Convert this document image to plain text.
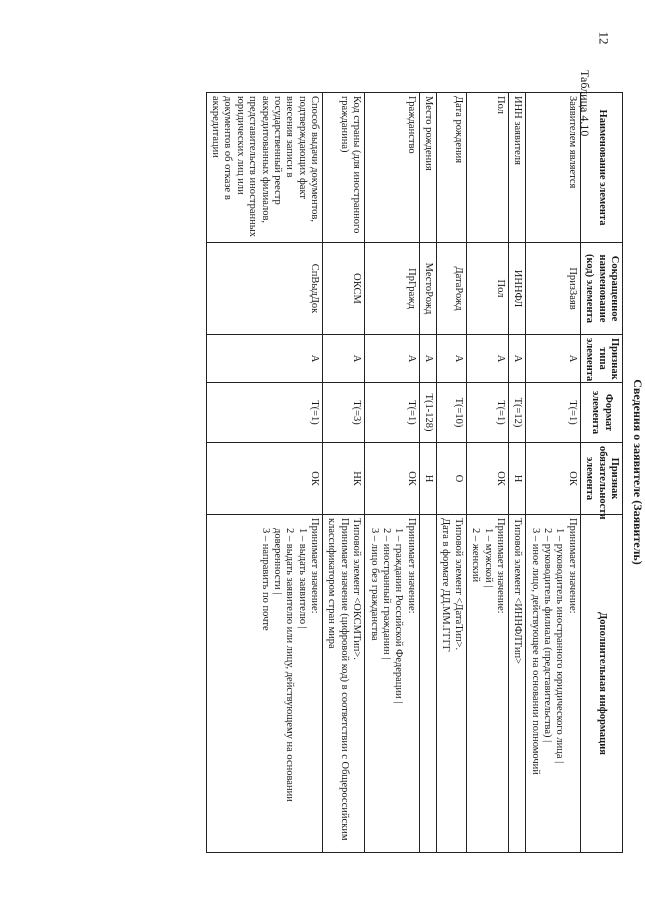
12
Сведения о заявителе (Заявитель)
Наименование элемента	Сокращенное наименование (код) элемента	Признак типа элемента	Формат элемента	Признак обязательности элемента	Дополнительная информация
Заявителем является	ПризЗаяв	А	Т(=1)	ОК	Принимает значение:
1 – руководитель иностранного юридического лица |
2 – руководитель филиала (представительства) |
3 – иное лицо, действующее на основании полномочий

ИНН заявителя	ИННФЛ	А	Т(=12)	Н	Типовой элемент <ИННФЛТип>

Пол	Пол	А	Т(=1)	ОК	Принимает значение:
1 – мужской |
2 – женский

Дата рождения	ДатаРожд	А	Т(=10)	О	Типовой элемент <ДатаТип>.
Дата в формате ДД.ММ.ГГГГ

Место рождения	МестоРожд	А	Т(1-128)	Н	
Гражданство	ПрГражд	А	Т(=1)	ОК	Принимает значение:
1 – гражданин Российской Федерации |
2 – иностранный гражданин |
3 – лицо без гражданства

Код страны (для иностранного гражданина)	ОКСМ	А	Т(=3)	НК	Типовой элемент <ОКСМТип>.
Принимает значение (цифровой код) в соответствии с Общероссийским классификатором стран мира

Способ выдачи документов, подтверждающих факт внесения записи в государственный реестр аккредитованных филиалов, представительств иностранных юридических лиц или документов об отказе в аккредитации	СпВыдДок	А	Т(=1)	ОК	Принимает значение:
1 – выдать заявителю |
2 – выдать заявителю или лицу, действующему на основании доверенности |
3 – направить по почте
Таблица 4.10
